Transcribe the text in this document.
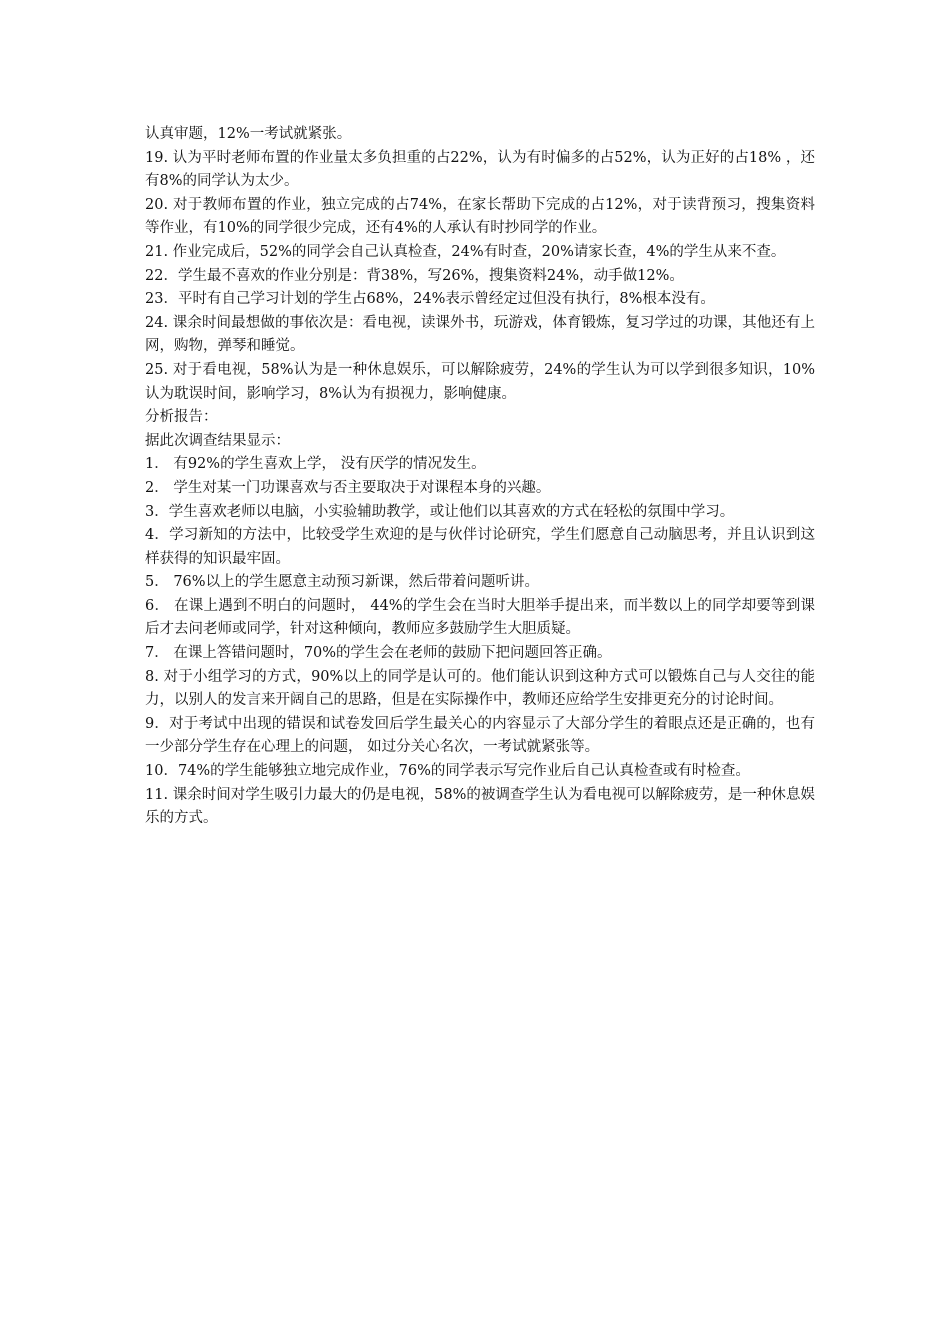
认真审题，12%一考试就紧张。

19. 认为平时老师布置的作业量太多负担重的占22%，认为有时偏多的占52%，认为正好的占18% ，还有8%的同学认为太少。

20. 对于教师布置的作业，独立完成的占74%，在家长帮助下完成的占12%，对于读背预习，搜集资料等作业，有10%的同学很少完成，还有4%的人承认有时抄同学的作业。

21. 作业完成后，52%的同学会自己认真检查，24%有时查，20%请家长查，4%的学生从来不查。

22．学生最不喜欢的作业分别是：背38%，写26%，搜集资料24%，动手做12%。

23．平时有自己学习计划的学生占68%，24%表示曾经定过但没有执行，8%根本没有。

24. 课余时间最想做的事依次是：看电视，读课外书，玩游戏，体育锻炼，复习学过的功课，其他还有上网，购物，弹琴和睡觉。

25. 对于看电视，58%认为是一种休息娱乐，可以解除疲劳，24%的学生认为可以学到很多知识，10%认为耽误时间，影响学习，8%认为有损视力，影响健康。

分析报告：

据此次调查结果显示：

1． 有92%的学生喜欢上学， 没有厌学的情况发生。

2． 学生对某一门功课喜欢与否主要取决于对课程本身的兴趣。

3．学生喜欢老师以电脑，小实验辅助教学，或让他们以其喜欢的方式在轻松的氛围中学习。

4．学习新知的方法中，比较受学生欢迎的是与伙伴讨论研究，学生们愿意自己动脑思考，并且认识到这样获得的知识最牢固。

5． 76%以上的学生愿意主动预习新课，然后带着问题听讲。

6． 在课上遇到不明白的问题时， 44%的学生会在当时大胆举手提出来，而半数以上的同学却要等到课后才去问老师或同学，针对这种倾向，教师应多鼓励学生大胆质疑。

7． 在课上答错问题时，70%的学生会在老师的鼓励下把问题回答正确。

8. 对于小组学习的方式，90%以上的同学是认可的。他们能认识到这种方式可以锻炼自己与人交往的能力，以别人的发言来开阔自己的思路，但是在实际操作中，教师还应给学生安排更充分的讨论时间。

9．对于考试中出现的错误和试卷发回后学生最关心的内容显示了大部分学生的着眼点还是正确的，也有一少部分学生存在心理上的问题， 如过分关心名次，一考试就紧张等。

10．74%的学生能够独立地完成作业，76%的同学表示写完作业后自己认真检查或有时检查。

11. 课余时间对学生吸引力最大的仍是电视，58%的被调查学生认为看电视可以解除疲劳，是一种休息娱乐的方式。
